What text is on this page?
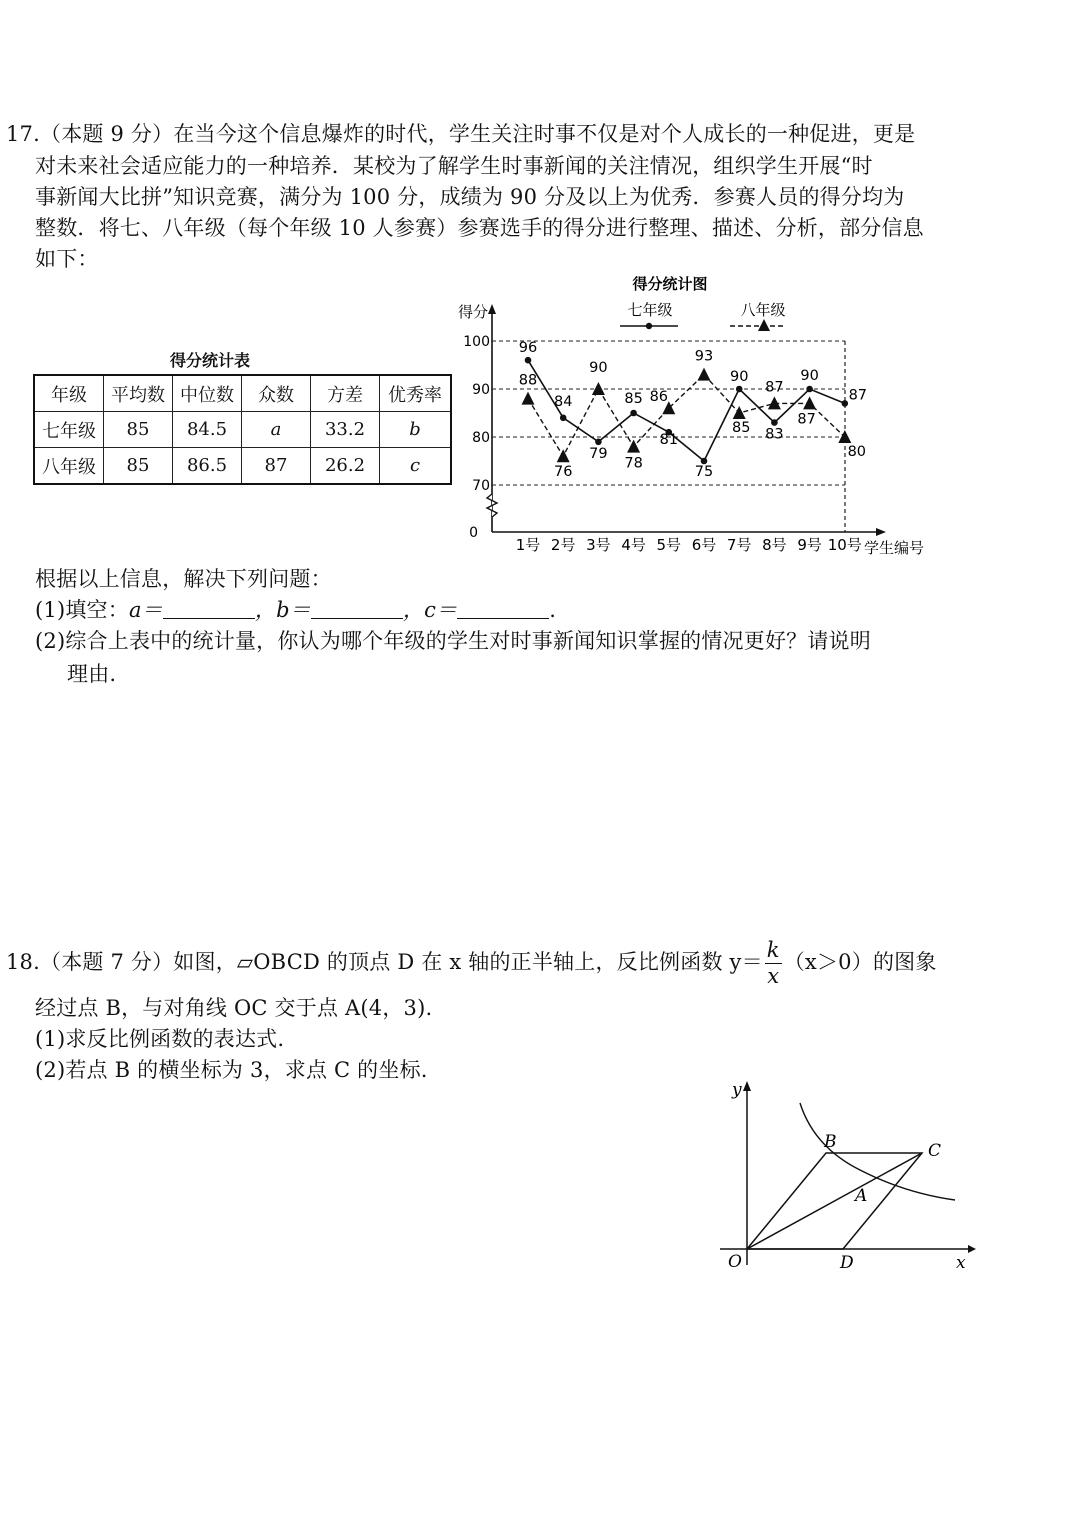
17.（本题 9 分）在当今这个信息爆炸的时代，学生关注时事不仅是对个人成长的一种促进，更是
对未来社会适应能力的一种培养．某校为了解学生时事新闻的关注情况，组织学生开展“时
事新闻大比拼”知识竞赛，满分为 100 分，成绩为 90 分及以上为优秀．参赛人员的得分均为
整数．将七、八年级（每个年级 10 人参赛）参赛选手的得分进行整理、描述、分析，部分信息
如下：
得分统计表
年级	平均数	中位数	众数	方差	优秀率
七年级	85	84.5	a	33.2	b
八年级	85	86.5	87	26.2	c
0
70
80
90
100
1号 2号 3号 4号 5号 6号 7号 8号 9号 10号
得分
学生编号
得分统计图
七年级	八年级
96
84
79
85
81
75
90
83
90
87
88
76
90
78
86
93
85
87
87
80
根据以上信息，解决下列问题：
(1)填空：a＝	，b＝	，c＝	.
(2)综合上表中的统计量，你认为哪个年级的学生对时事新闻知识掌握的情况更好？请说明
理由.
18.（本题 7 分）如图，▱OBCD 的顶点 D 在 x 轴的正半轴上，反比例函数 $y= \frac{k}{x} (x>0)$的图象
经过点 B，与对角线 OC 交于点 A(4，3).
(1)求反比例函数的表达式.
(2)若点 B 的横坐标为 3，求点 C 的坐标.
y
x
O
B	C
A
D
